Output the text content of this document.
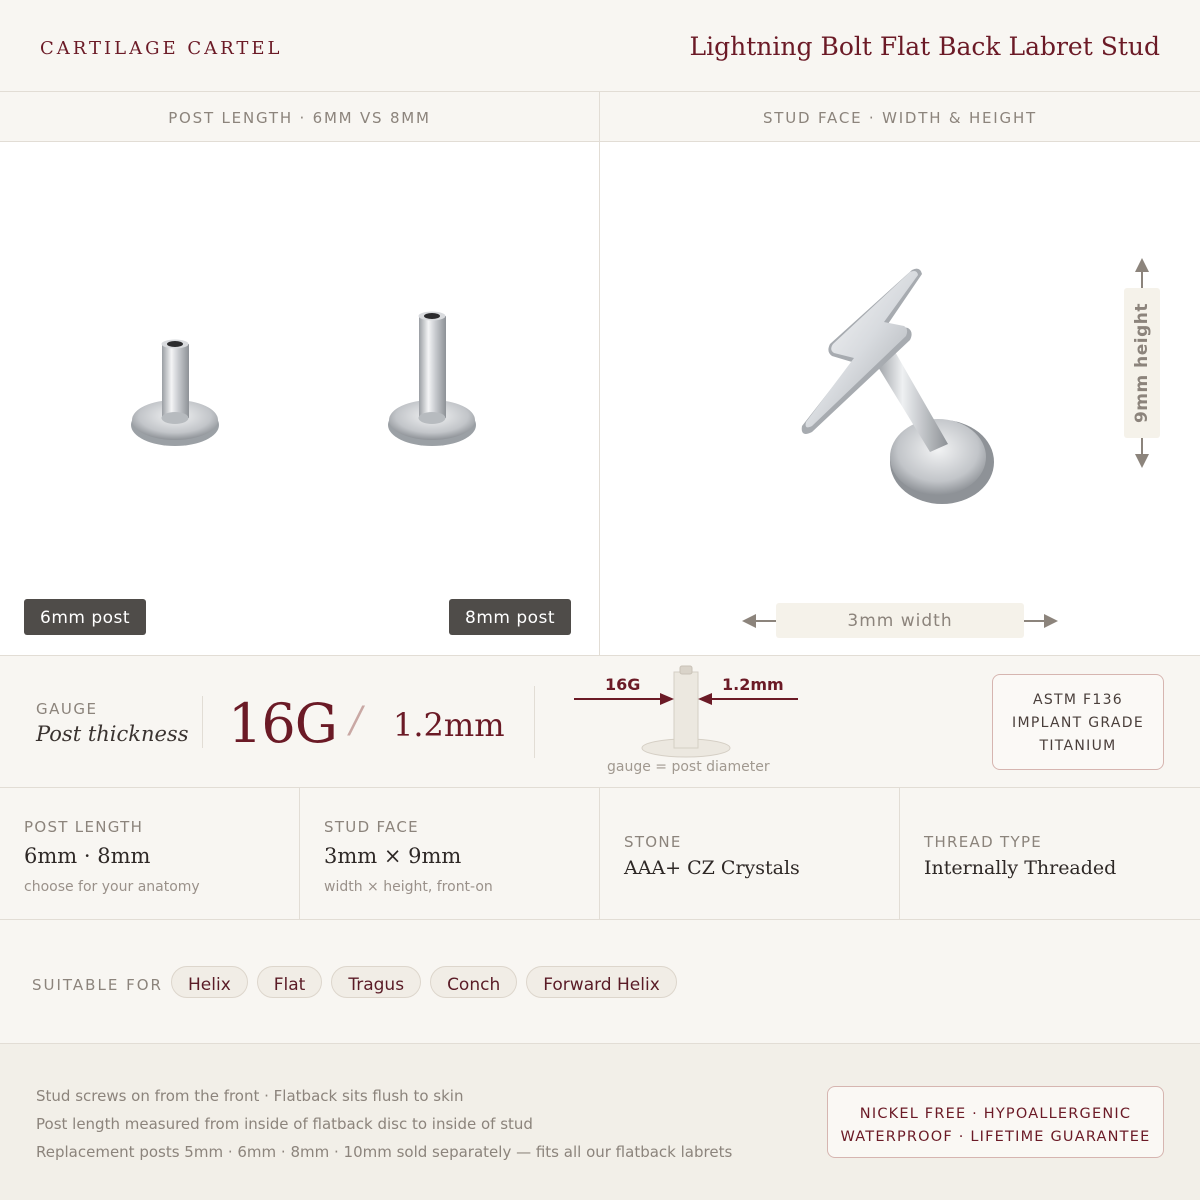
CARTILAGE CARTEL	Lightning Bolt Flat Back Labret Stud
POST LENGTH · 6MM VS 8MM
6mm post	8mm post
STUD FACE · WIDTH & HEIGHT
9mm height
3mm width
GAUGE
Post thickness 16G / 1.2mm
16G	1.2mm
gauge = post diameter
ASTM F136
IMPLANT GRADE
TITANIUM
POST LENGTH
6mm · 8mm
choose for your anatomy
STUD FACE
3mm × 9mm
width × height, front-on
STONE
AAA+ CZ Crystals
THREAD TYPE
Internally Threaded
SUITABLE FOR	Helix	Flat	Tragus	Conch	Forward Helix
Stud screws on from the front · Flatback sits flush to skin
Post length measured from inside of flatback disc to inside of stud
Replacement posts 5mm · 6mm · 8mm · 10mm sold separately — fits all our flatback labrets
NICKEL FREE · HYPOALLERGENIC
WATERPROOF · LIFETIME GUARANTEE
